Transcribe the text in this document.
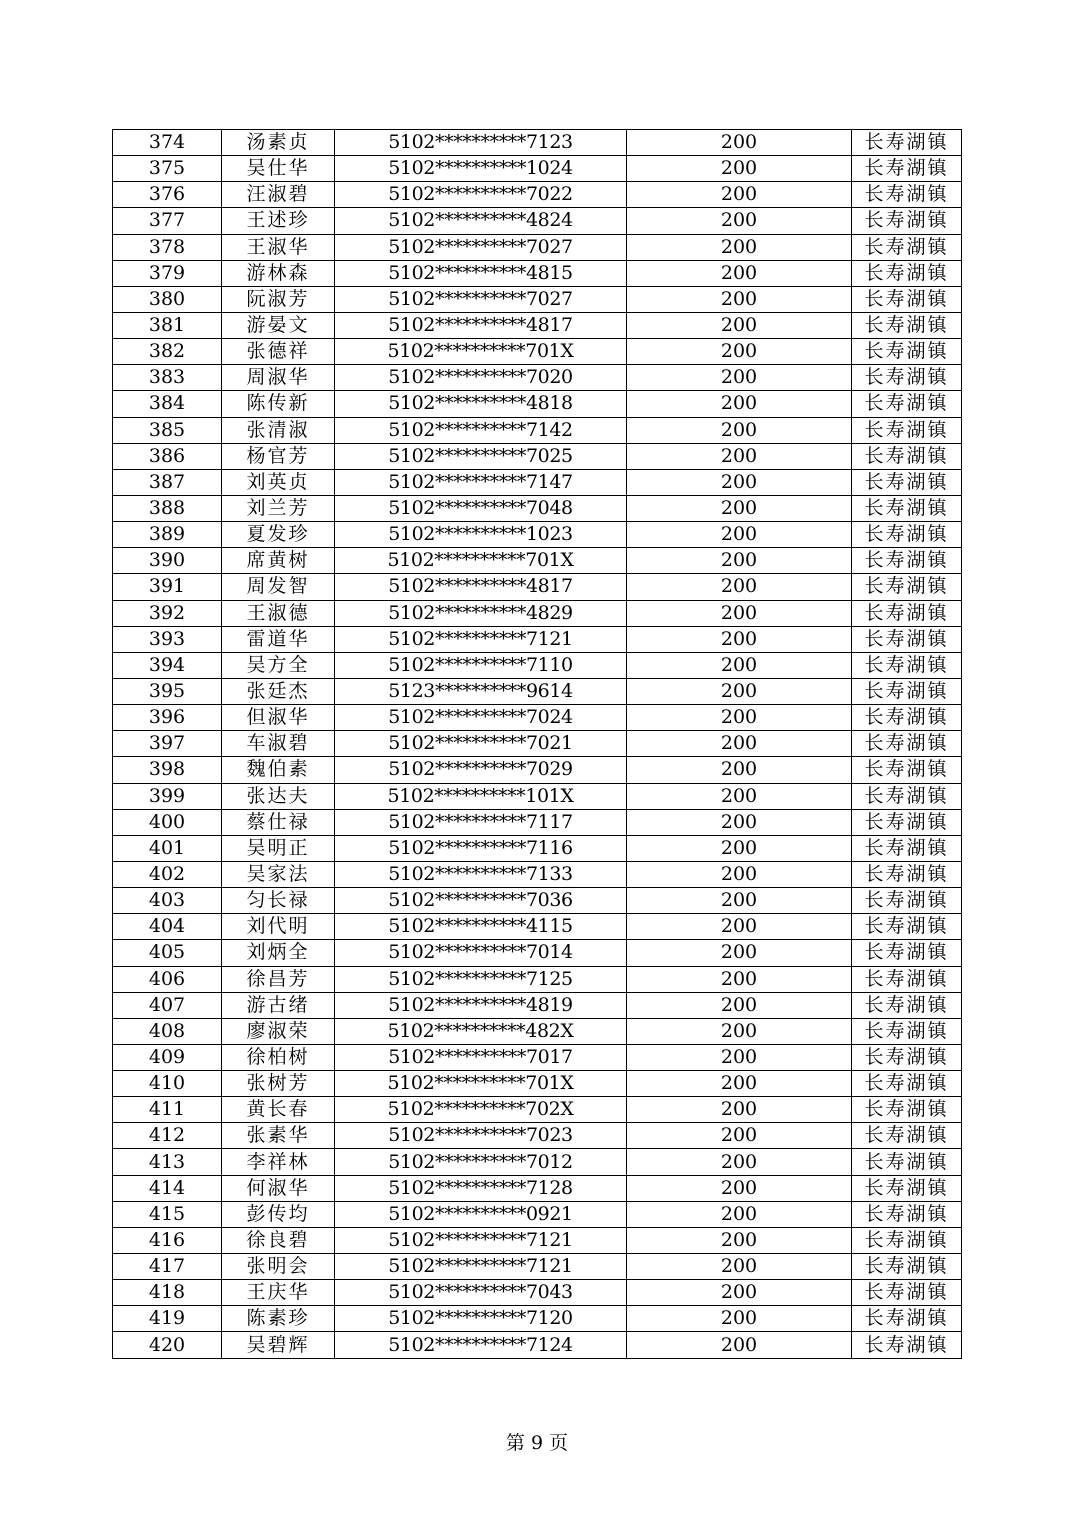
374	汤素贞	5102**********7123	200	长寿湖镇
375	吴仕华	5102**********1024	200	长寿湖镇
376	汪淑碧	5102**********7022	200	长寿湖镇
377	王述珍	5102**********4824	200	长寿湖镇
378	王淑华	5102**********7027	200	长寿湖镇
379	游林森	5102**********4815	200	长寿湖镇
380	阮淑芳	5102**********7027	200	长寿湖镇
381	游晏文	5102**********4817	200	长寿湖镇
382	张德祥	5102**********701X	200	长寿湖镇
383	周淑华	5102**********7020	200	长寿湖镇
384	陈传新	5102**********4818	200	长寿湖镇
385	张清淑	5102**********7142	200	长寿湖镇
386	杨官芳	5102**********7025	200	长寿湖镇
387	刘英贞	5102**********7147	200	长寿湖镇
388	刘兰芳	5102**********7048	200	长寿湖镇
389	夏发珍	5102**********1023	200	长寿湖镇
390	席黄树	5102**********701X	200	长寿湖镇
391	周发智	5102**********4817	200	长寿湖镇
392	王淑德	5102**********4829	200	长寿湖镇
393	雷道华	5102**********7121	200	长寿湖镇
394	吴方全	5102**********7110	200	长寿湖镇
395	张廷杰	5123**********9614	200	长寿湖镇
396	但淑华	5102**********7024	200	长寿湖镇
397	车淑碧	5102**********7021	200	长寿湖镇
398	魏伯素	5102**********7029	200	长寿湖镇
399	张达夫	5102**********101X	200	长寿湖镇
400	蔡仕禄	5102**********7117	200	长寿湖镇
401	吴明正	5102**********7116	200	长寿湖镇
402	吴家法	5102**********7133	200	长寿湖镇
403	匀长禄	5102**********7036	200	长寿湖镇
404	刘代明	5102**********4115	200	长寿湖镇
405	刘炳全	5102**********7014	200	长寿湖镇
406	徐昌芳	5102**********7125	200	长寿湖镇
407	游古绪	5102**********4819	200	长寿湖镇
408	廖淑荣	5102**********482X	200	长寿湖镇
409	徐柏树	5102**********7017	200	长寿湖镇
410	张树芳	5102**********701X	200	长寿湖镇
411	黄长春	5102**********702X	200	长寿湖镇
412	张素华	5102**********7023	200	长寿湖镇
413	李祥林	5102**********7012	200	长寿湖镇
414	何淑华	5102**********7128	200	长寿湖镇
415	彭传均	5102**********0921	200	长寿湖镇
416	徐良碧	5102**********7121	200	长寿湖镇
417	张明会	5102**********7121	200	长寿湖镇
418	王庆华	5102**********7043	200	长寿湖镇
419	陈素珍	5102**********7120	200	长寿湖镇
420	吴碧辉	5102**********7124	200	长寿湖镇
第 9 页
